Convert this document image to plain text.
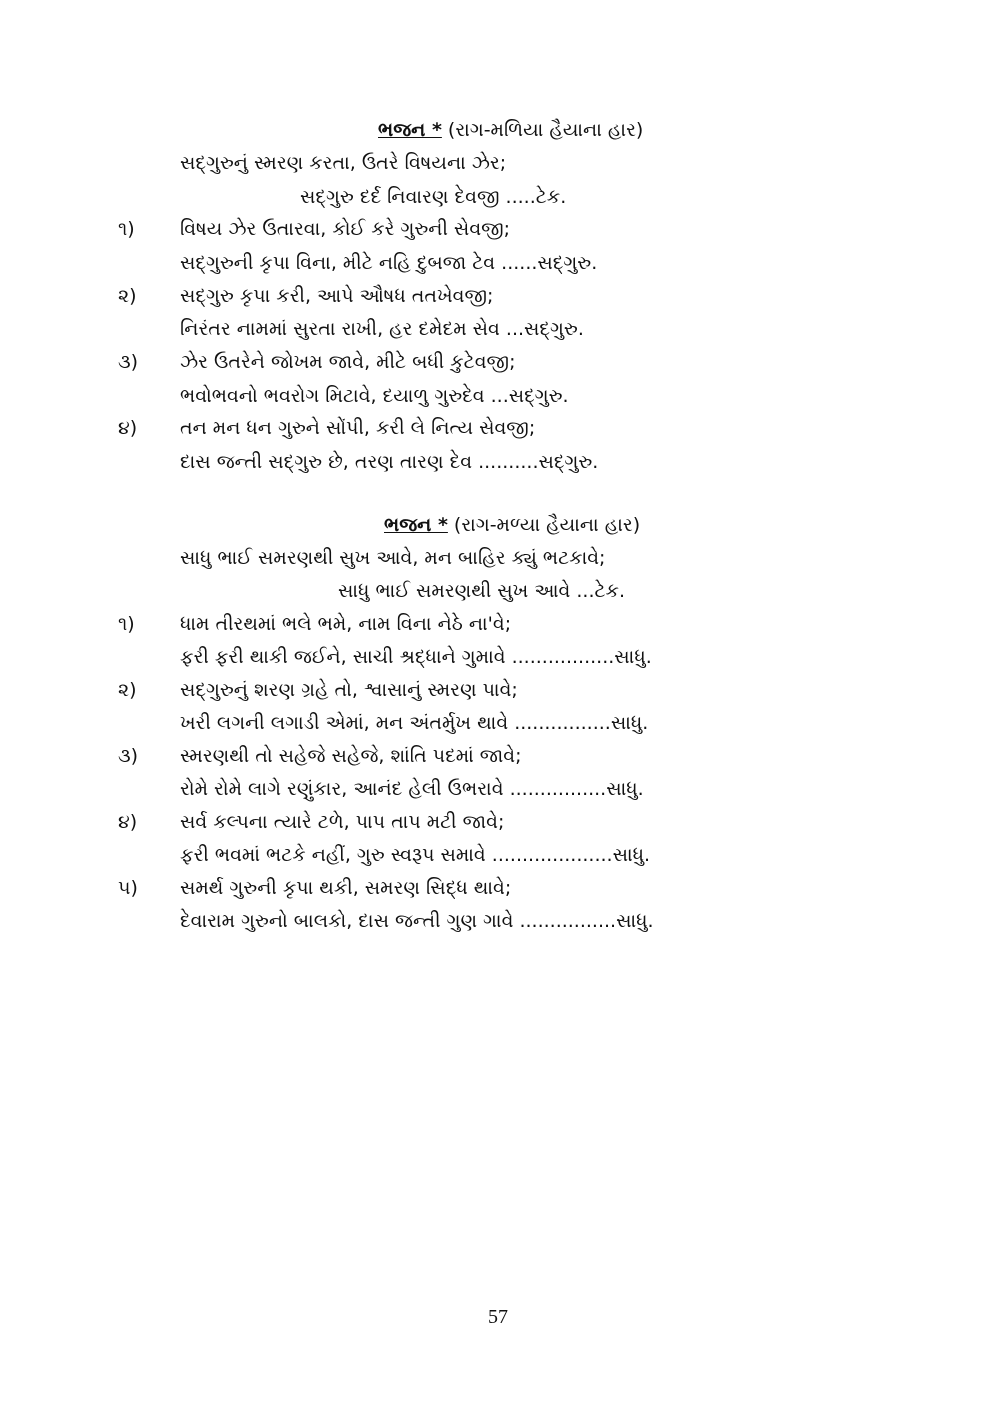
ભજન * (રાગ-મળિયા હૈયાના હાર)
સદ્‌ગુરુનું સ્મરણ કરતા, ઉતરે વિષયના ઝેર;
સદ્‌ગુરુ દર્દ નિવારણ દેવજી .....ટેક.
૧) વિષય ઝેર ઉતારવા, કોઈ કરે ગુરુની સેવજી;
સદ્‌ગુરુની કૃપા વિના, મીટે નહિ દુબજા ટેવ ......સદ્‌ગુરુ.
૨) સદ્‌ગુરુ કૃપા કરી, આપે ઔષધ તતખેવજી;
નિરંતર નામમાં સુરતા રાખી, હર દમેદમ સેવ ...સદ્‌ગુરુ.
૩) ઝેર ઉતરેને જોખમ જાવે, મીટે બધી કુટેવજી;
ભવોભવનો ભવરોગ મિટાવે, દયાળુ ગુરુદેવ ...સદ્‌ગુરુ.
૪) તન મન ધન ગુરુને સોંપી, કરી લે નિત્ય સેવજી;
દાસ જન્તી સદ્‌ગુરુ છે, તરણ તારણ દેવ ..........સદ્‌ગુરુ.
ભજન * (રાગ-મળ્યા હૈયાના હાર)
સાધુ ભાઈ સમરણથી સુખ આવે, મન બાહિર ક્યું ભટકાવે;
સાધુ ભાઈ સમરણથી સુખ આવે ...ટેક.
૧) ધામ તીરથમાં ભલે ભમે, નામ વિના નેઠે ના'વે;
ફરી ફરી થાકી જઈને, સાચી શ્રદ્ધાને ગુમાવે .................સાધુ.
૨) સદ્‌ગુરુનું શરણ ગ્રહે તો, શ્વાસાનું સ્મરણ પાવે;
ખરી લગની લગાડી એમાં, મન અંતર્મુખ થાવે ................સાધુ.
૩) સ્મરણથી તો સહેજે સહેજે, શાંતિ પદમાં જાવે;
રોમે રોમે લાગે રણુંકાર, આનંદ હેલી ઉભરાવે ................સાધુ.
૪) સર્વ કલ્પના ત્યારે ટળે, પાપ તાપ મટી જાવે;
ફરી ભવમાં ભટકે નહીં, ગુરુ સ્વરૂપ સમાવે ....................સાધુ.
૫) સમર્થ ગુરુની કૃપા થકી, સમરણ સિદ્ધ થાવે;
દેવારામ ગુરુનો બાલકો, દાસ જન્તી ગુણ ગાવે ................સાધુ.
57
